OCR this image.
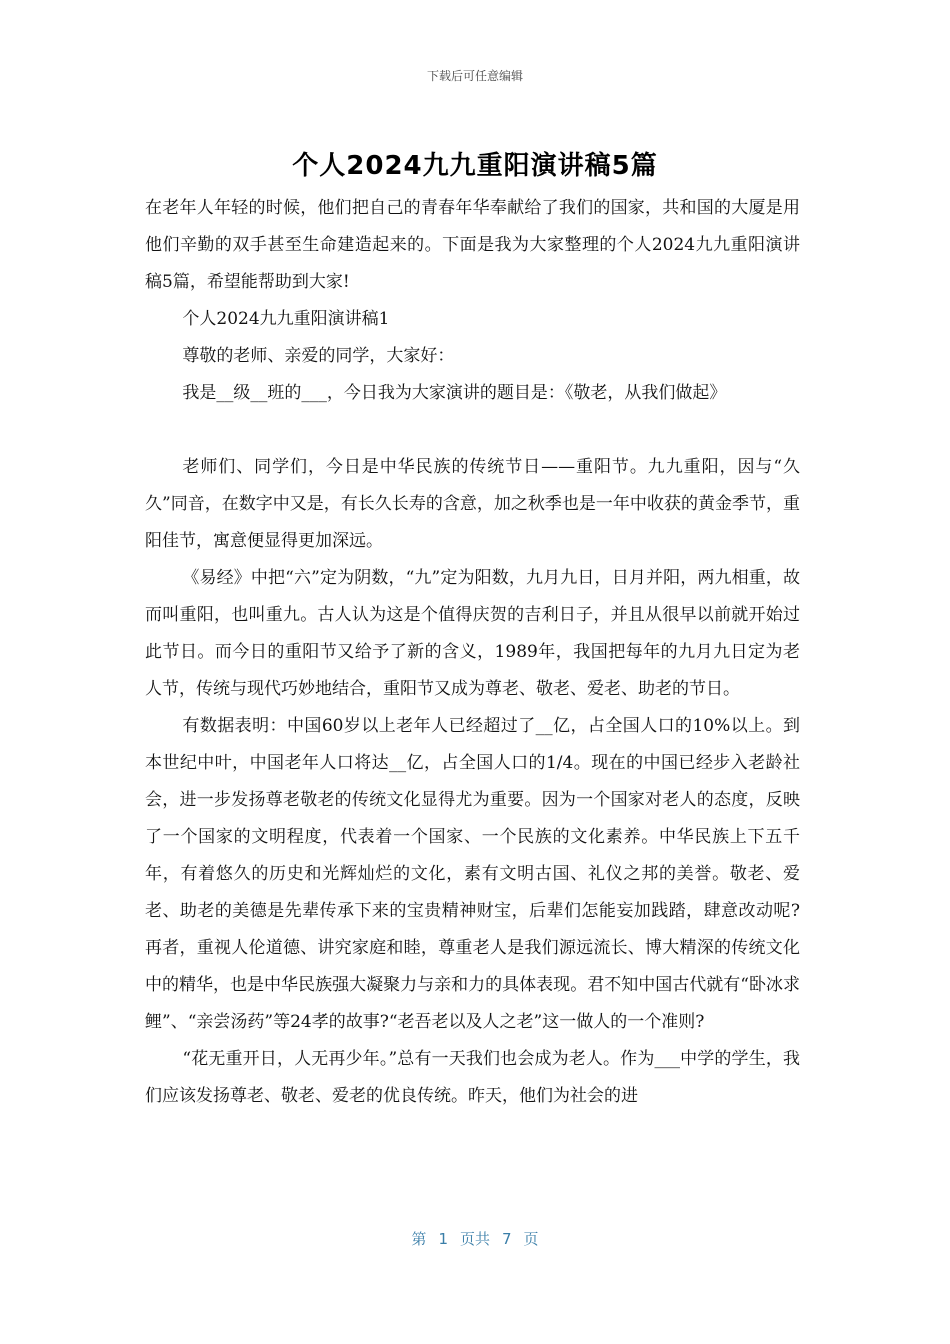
下载后可任意编辑
个人2024九九重阳演讲稿5篇

在老年人年轻的时候，他们把自己的青春年华奉献给了我们的国家，共和国的大厦是用他们辛勤的双手甚至生命建造起来的。下面是我为大家整理的个人2024九九重阳演讲稿5篇，希望能帮助到大家!

个人2024九九重阳演讲稿1

尊敬的老师、亲爱的同学，大家好：

我是__级__班的___，今日我为大家演讲的题目是：《敬老，从我们做起》

老师们、同学们，今日是中华民族的传统节日——重阳节。九九重阳，因与“久久”同音，在数字中又是，有长久长寿的含意，加之秋季也是一年中收获的黄金季节，重阳佳节，寓意便显得更加深远。

《易经》中把“六”定为阴数，“九”定为阳数，九月九日，日月并阳，两九相重，故而叫重阳，也叫重九。古人认为这是个值得庆贺的吉利日子，并且从很早以前就开始过此节日。而今日的重阳节又给予了新的含义，1989年，我国把每年的九月九日定为老人节，传统与现代巧妙地结合，重阳节又成为尊老、敬老、爱老、助老的节日。

有数据表明：中国60岁以上老年人已经超过了__亿，占全国人口的10%以上。到本世纪中叶，中国老年人口将达__亿，占全国人口的1/4。现在的中国已经步入老龄社会，进一步发扬尊老敬老的传统文化显得尤为重要。因为一个国家对老人的态度，反映了一个国家的文明程度，代表着一个国家、一个民族的文化素养。中华民族上下五千年，有着悠久的历史和光辉灿烂的文化，素有文明古国、礼仪之邦的美誉。敬老、爱老、助老的美德是先辈传承下来的宝贵精神财宝，后辈们怎能妄加践踏，肆意改动呢?再者，重视人伦道德、讲究家庭和睦，尊重老人是我们源远流长、博大精深的传统文化中的精华，也是中华民族强大凝聚力与亲和力的具体表现。君不知中国古代就有“卧冰求鲤”、“亲尝汤药”等24孝的故事?“老吾老以及人之老”这一做人的一个准则?

“花无重开日，人无再少年。”总有一天我们也会成为老人。作为___中学的学生，我们应该发扬尊老、敬老、爱老的优良传统。昨天，他们为社会的进

第 1 页共 7 页
